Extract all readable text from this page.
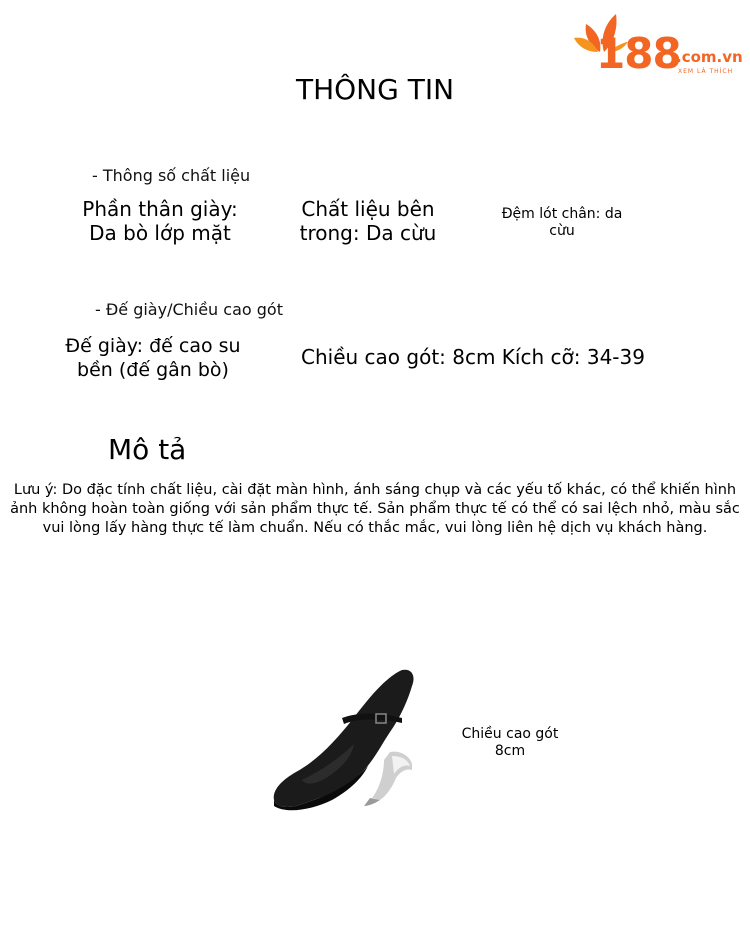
188
.com.vn
XEM LÀ THÍCH
THÔNG TIN
- Thông số chất liệu
Phần thân giày:
Da bò lớp mặt
Chất liệu bên
trong: Da cừu
Đệm lót chân: da
cừu
- Đế giày/Chiều cao gót
Đế giày: đế cao su
bền (đế gân bò)
Chiều cao gót: 8cm Kích cỡ: 34-39
Mô tả
Lưu ý: Do đặc tính chất liệu, cài đặt màn hình, ánh sáng chụp và các yếu tố khác, có thể khiến hình
ảnh không hoàn toàn giống với sản phẩm thực tế. Sản phẩm thực tế có thể có sai lệch nhỏ, màu sắc
vui lòng lấy hàng thực tế làm chuẩn. Nếu có thắc mắc, vui lòng liên hệ dịch vụ khách hàng.
Chiều cao gót
8cm
